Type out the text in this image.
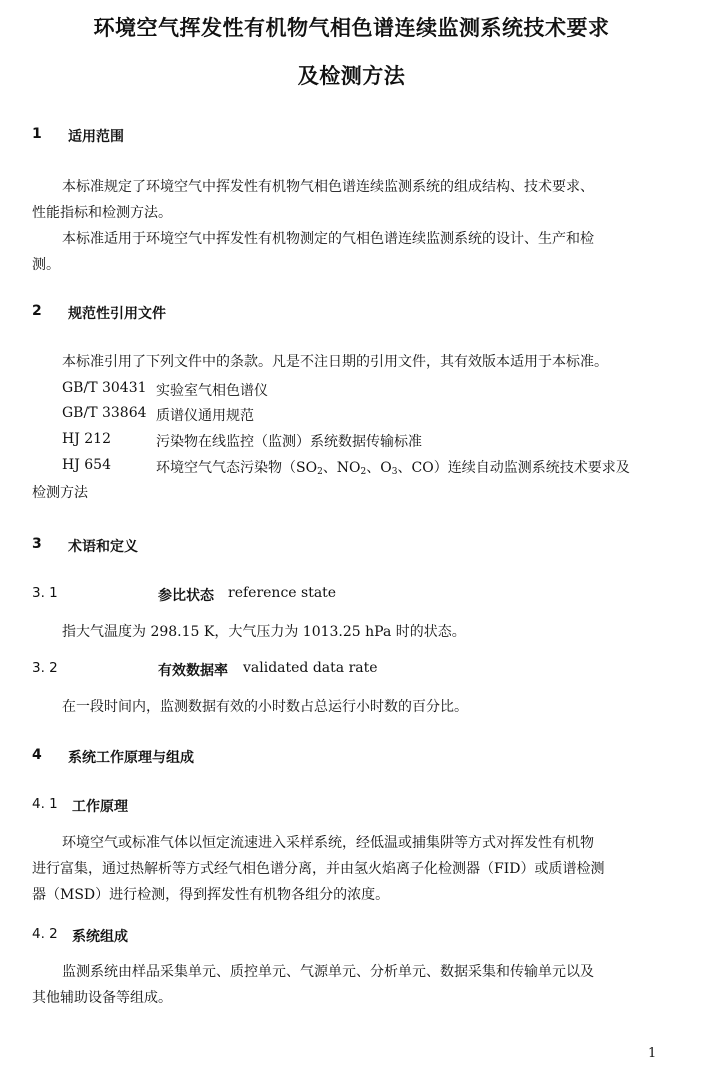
环境空气挥发性有机物气相色谱连续监测系统技术要求
及检测方法
1 适用范围
本标准规定了环境空气中挥发性有机物气相色谱连续监测系统的组成结构、技术要求、
性能指标和检测方法。
本标准适用于环境空气中挥发性有机物测定的气相色谱连续监测系统的设计、生产和检
测。
2 规范性引用文件
本标准引用了下列文件中的条款。凡是不注日期的引用文件，其有效版本适用于本标准。
GB/T 30431 实验室气相色谱仪
GB/T 33864 质谱仪通用规范
HJ 212	污染物在线监控（监测）系统数据传输标准
HJ 654	环境空气气态污染物（$SO_2$、$NO_2$、$O_3$、CO）连续自动监测系统技术要求及
检测方法
3 术语和定义
3. 1	参比状态 reference state
指大气温度为 298.15 K，大气压力为 1013.25 hPa 时的状态。
3. 2	有效数据率 validated data rate
在一段时间内，监测数据有效的小时数占总运行小时数的百分比。
4 系统工作原理与组成
4. 1 工作原理
环境空气或标准气体以恒定流速进入采样系统，经低温或捕集阱等方式对挥发性有机物
进行富集，通过热解析等方式经气相色谱分离，并由氢火焰离子化检测器（FID）或质谱检测
器（MSD）进行检测，得到挥发性有机物各组分的浓度。
4. 2 系统组成
监测系统由样品采集单元、质控单元、气源单元、分析单元、数据采集和传输单元以及
其他辅助设备等组成。
1
